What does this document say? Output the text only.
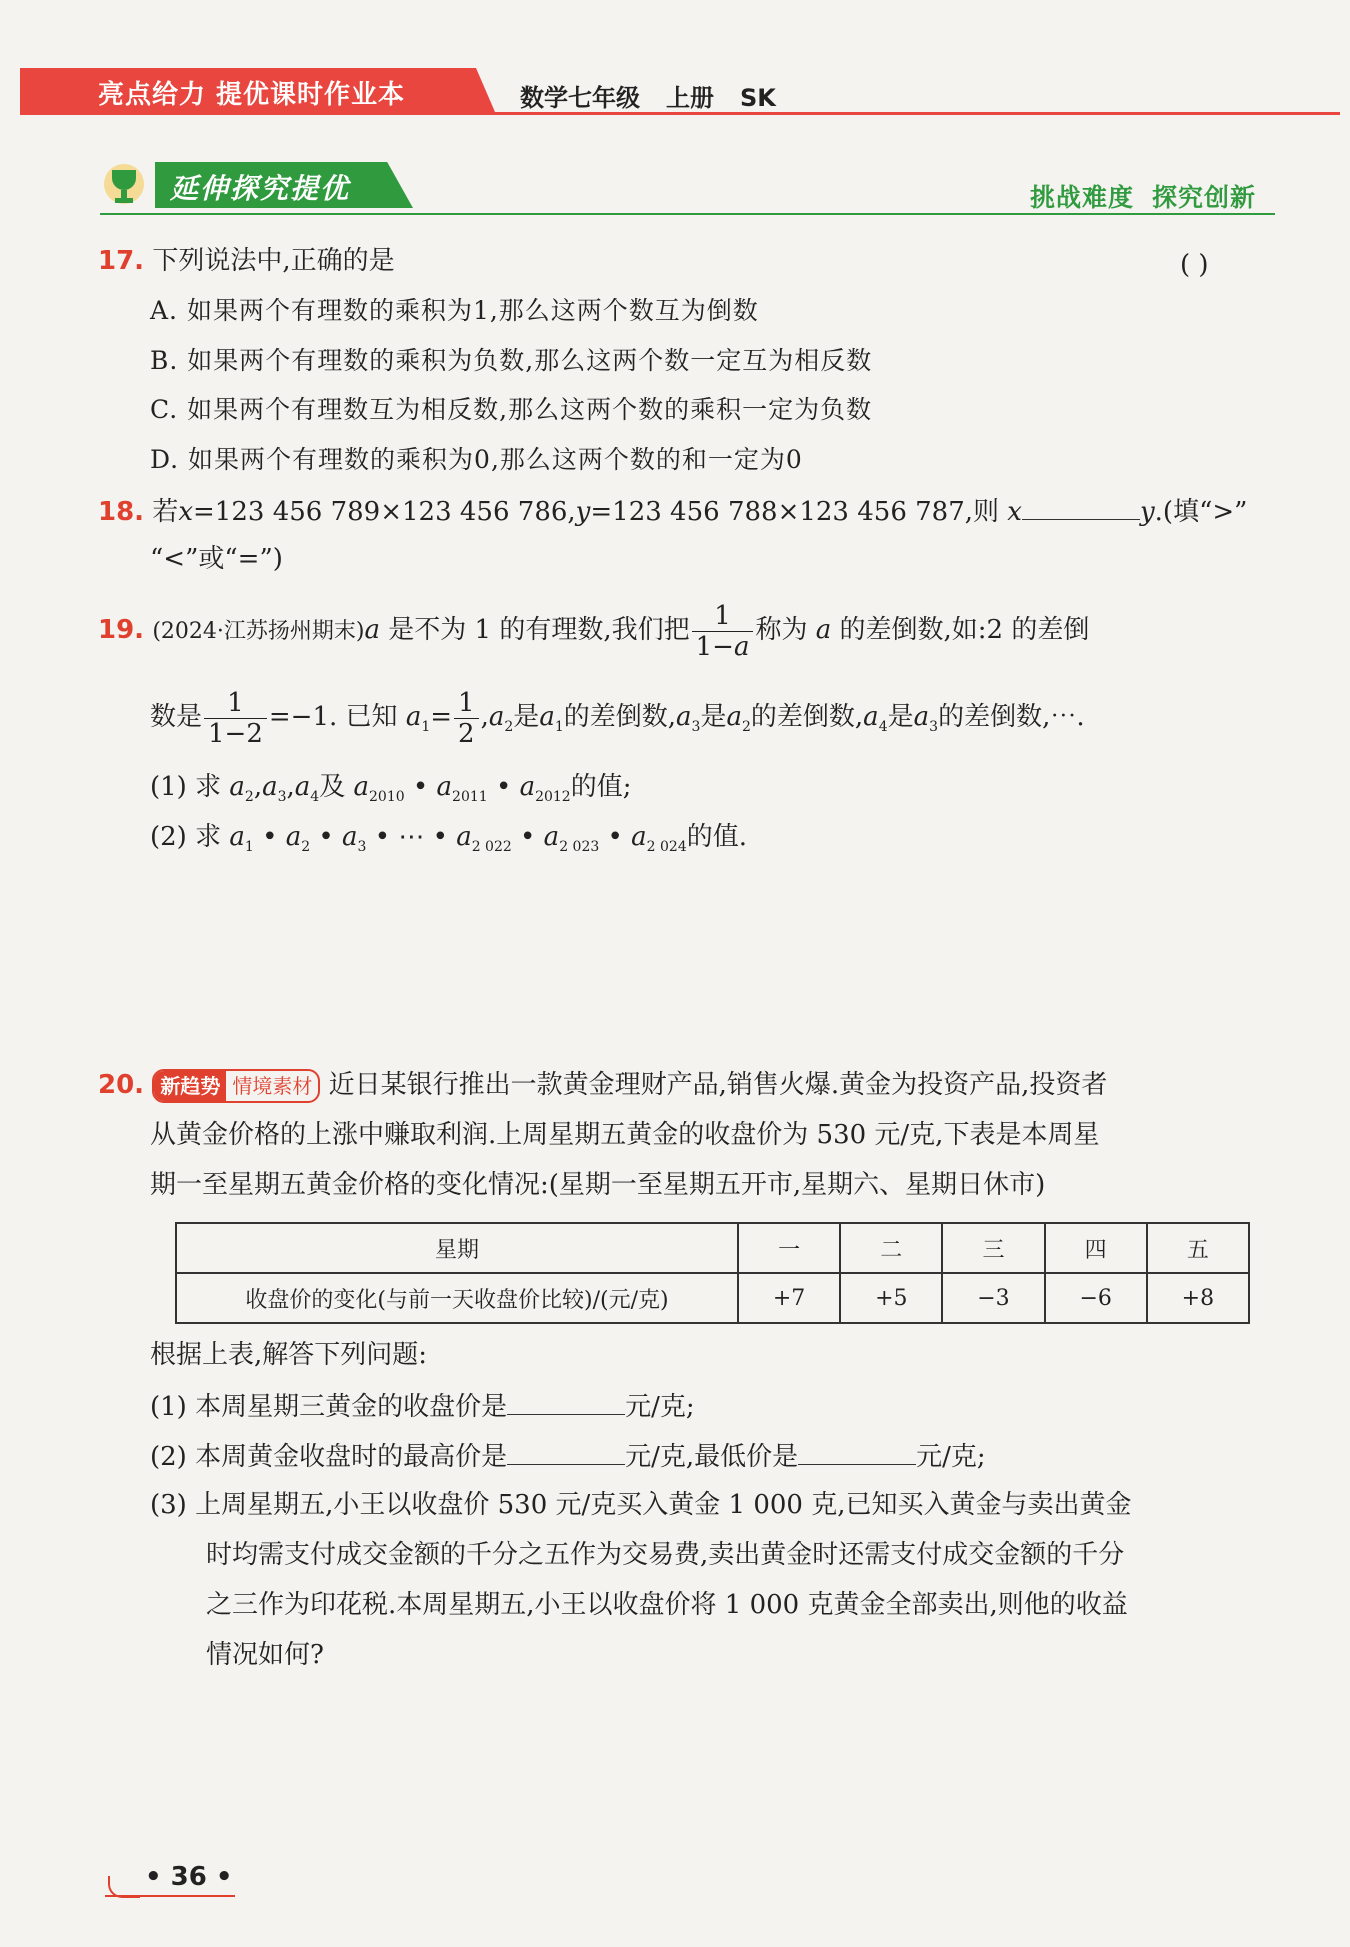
亮点给力 提优课时作业本	数学七年级 上册 SK
延伸探究提优	挑战难度 探究创新
17. 下列说法中,正确的是	( )
A. 如果两个有理数的乘积为1,那么这两个数互为倒数
B. 如果两个有理数的乘积为负数,那么这两个数一定互为相反数
C. 如果两个有理数互为相反数,那么这两个数的乘积一定为负数
D. 如果两个有理数的乘积为0,那么这两个数的和一定为0
18. 若x=123 456 789×123 456 786,y=123 456 788×123 456 787,则 x	y.(填“>”
“<”或“=”)
19. (2024·江苏扬州期末)a 是不为 1 的有理数,我们把 $\frac{1}{1-a}$ 称为 a 的差倒数,如:2 的差倒
数是 $\frac{1}{1-2} =-1$. 已知 $a_1= \frac{1}{2} ,a_2$是$a_1$的差倒数$,a_3$是$a_2$的差倒数$,a_4$是$a_3$的差倒数,⋯.
(1) 求 $a_2,a_3,a_4$及 $a_{2010}$ • $a_{2011}$ • $a_{2012}$的值;
(2) 求 $a_1$ • $a_2$ • $a_3$ • ⋯ • $a_{2 022}$ • $a_{2 023}$ • $a_{2 024}$的值.
20. 新趋势 情境素材 近日某银行推出一款黄金理财产品,销售火爆.黄金为投资产品,投资者
从黄金价格的上涨中赚取利润.上周星期五黄金的收盘价为 530 元/克,下表是本周星
期一至星期五黄金价格的变化情况:(星期一至星期五开市,星期六、星期日休市)
星期	一	二	三	四	五
收盘价的变化(与前一天收盘价比较)/(元/克)	+7	+5	−3	−6	+8
根据上表,解答下列问题:
(1) 本周星期三黄金的收盘价是	元/克;
(2) 本周黄金收盘时的最高价是	元/克,最低价是	元/克;
(3) 上周星期五,小王以收盘价 530 元/克买入黄金 1 000 克,已知买入黄金与卖出黄金
时均需支付成交金额的千分之五作为交易费,卖出黄金时还需支付成交金额的千分
之三作为印花税.本周星期五,小王以收盘价将 1 000 克黄金全部卖出,则他的收益
情况如何?
• 36 •
